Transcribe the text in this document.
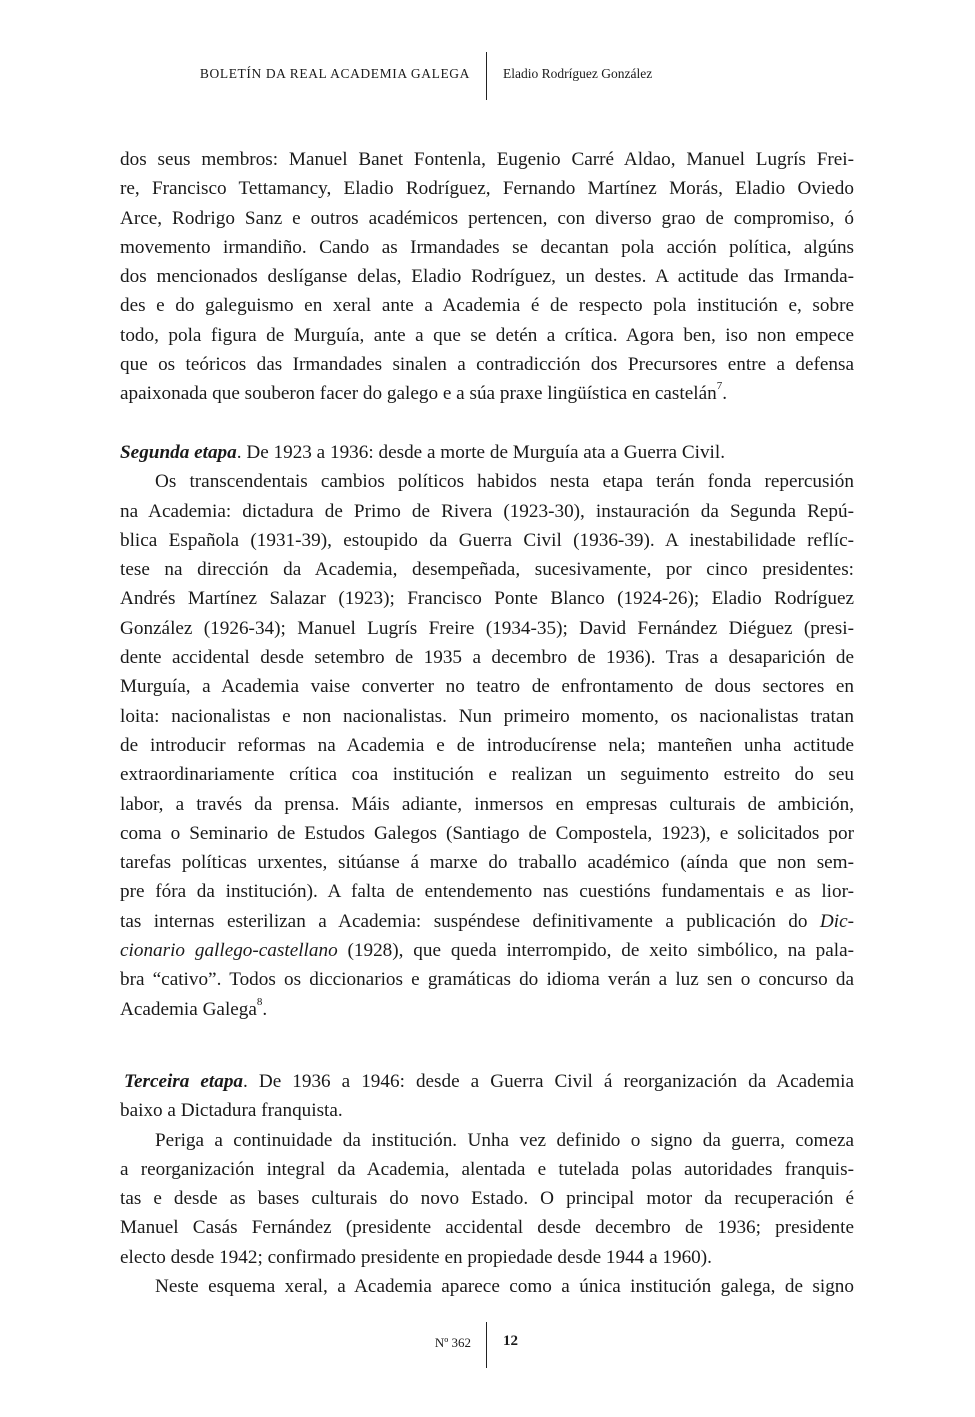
BOLETÍN DA REAL ACADEMIA GALEGA Eladio Rodríguez González
dos seus membros: Manuel Banet Fontenla, Eugenio Carré Aldao, Manuel Lugrís Frei-
re, Francisco Tettamancy, Eladio Rodríguez, Fernando Martínez Morás, Eladio Oviedo
Arce, Rodrigo Sanz e outros académicos pertencen, con diverso grao de compromiso, ó
movemento irmandiño. Cando as Irmandades se decantan pola acción política, algúns
dos mencionados deslíganse delas, Eladio Rodríguez, un destes. A actitude das Irmanda-
des e do galeguismo en xeral ante a Academia é de respecto pola institución e, sobre
todo, pola figura de Murguía, ante a que se detén a crítica. Agora ben, iso non empece
que os teóricos das Irmandades sinalen a contradicción dos Precursores entre a defensa
apaixonada que souberon facer do galego e a súa praxe lingüística en castelán$^7$.
Segunda etapa. De 1923 a 1936: desde a morte de Murguía ata a Guerra Civil.
Os transcendentais cambios políticos habidos nesta etapa terán fonda repercusión
na Academia: dictadura de Primo de Rivera (1923-30), instauración da Segunda Repú-
blica Española (1931-39), estoupido da Guerra Civil (1936-39). A inestabilidade reflíc-
tese na dirección da Academia, desempeñada, sucesivamente, por cinco presidentes:
Andrés Martínez Salazar (1923); Francisco Ponte Blanco (1924-26); Eladio Rodríguez
González (1926-34); Manuel Lugrís Freire (1934-35); David Fernández Diéguez (presi-
dente accidental desde setembro de 1935 a decembro de 1936). Tras a desaparición de
Murguía, a Academia vaise converter no teatro de enfrontamento de dous sectores en
loita: nacionalistas e non nacionalistas. Nun primeiro momento, os nacionalistas tratan
de introducir reformas na Academia e de introducírense nela; manteñen unha actitude
extraordinariamente crítica coa institución e realizan un seguimento estreito do seu
labor, a través da prensa. Máis adiante, inmersos en empresas culturais de ambición,
coma o Seminario de Estudos Galegos (Santiago de Compostela, 1923), e solicitados por
tarefas políticas urxentes, sitúanse á marxe do traballo académico (aínda que non sem-
pre fóra da institución). A falta de entendemento nas cuestións fundamentais e as lior-
tas internas esterilizan a Academia: suspéndese definitivamente a publicación do Dic-
cionario gallego-castellano (1928), que queda interrompido, de xeito simbólico, na pala-
bra “cativo”. Todos os diccionarios e gramáticas do idioma verán a luz sen o concurso da
Academia Galega$^8$.
Terceira etapa. De 1936 a 1946: desde a Guerra Civil á reorganización da Academia
baixo a Dictadura franquista.
Periga a continuidade da institución. Unha vez definido o signo da guerra, comeza
a reorganización integral da Academia, alentada e tutelada polas autoridades franquis-
tas e desde as bases culturais do novo Estado. O principal motor da recuperación é
Manuel Casás Fernández (presidente accidental desde decembro de 1936; presidente
electo desde 1942; confirmado presidente en propiedade desde 1944 a 1960).
Neste esquema xeral, a Academia aparece como a única institución galega, de signo
Nº 362 12
